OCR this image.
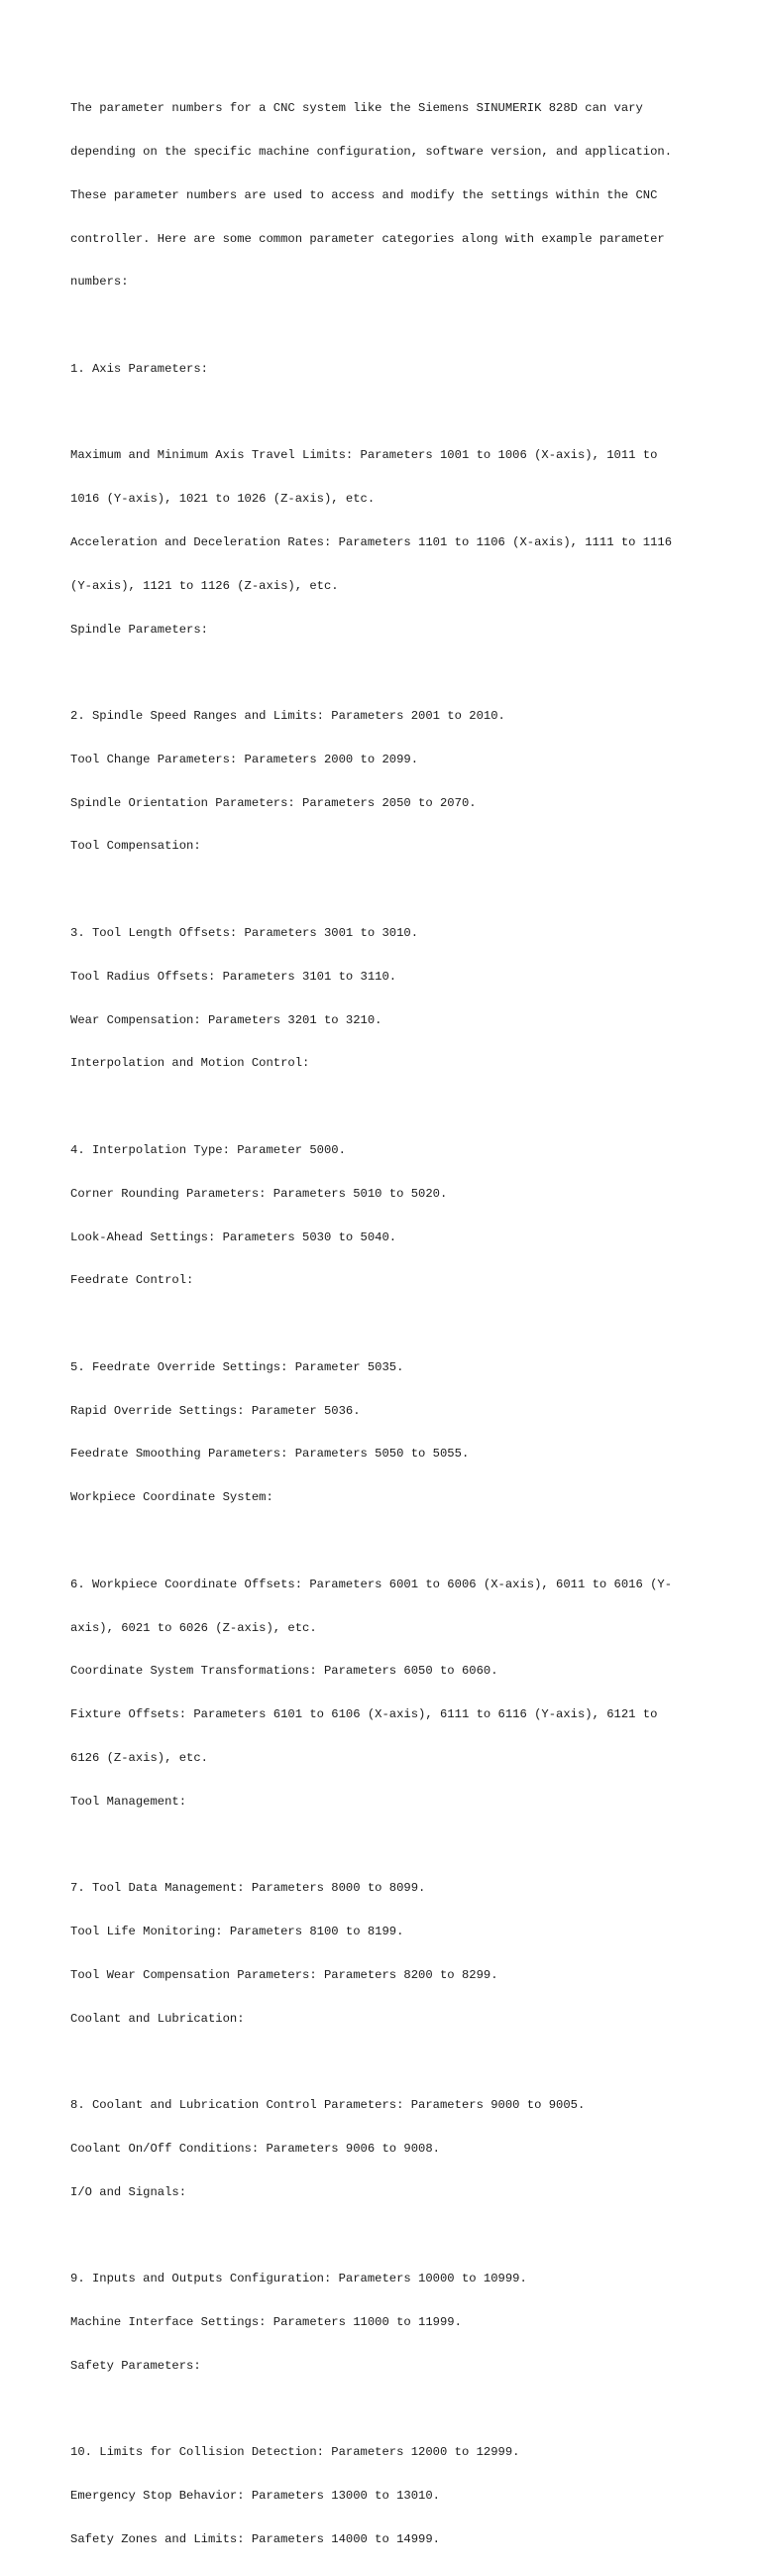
The parameter numbers for a CNC system like the Siemens SINUMERIK 828D can vary

depending on the specific machine configuration, software version, and application.

These parameter numbers are used to access and modify the settings within the CNC

controller. Here are some common parameter categories along with example parameter

numbers:

1. Axis Parameters:

Maximum and Minimum Axis Travel Limits: Parameters 1001 to 1006 (X-axis), 1011 to

1016 (Y-axis), 1021 to 1026 (Z-axis), etc.

Acceleration and Deceleration Rates: Parameters 1101 to 1106 (X-axis), 1111 to 1116

(Y-axis), 1121 to 1126 (Z-axis), etc.

Spindle Parameters:

2. Spindle Speed Ranges and Limits: Parameters 2001 to 2010.

Tool Change Parameters: Parameters 2000 to 2099.

Spindle Orientation Parameters: Parameters 2050 to 2070.

Tool Compensation:

3. Tool Length Offsets: Parameters 3001 to 3010.

Tool Radius Offsets: Parameters 3101 to 3110.

Wear Compensation: Parameters 3201 to 3210.

Interpolation and Motion Control:

4. Interpolation Type: Parameter 5000.

Corner Rounding Parameters: Parameters 5010 to 5020.

Look-Ahead Settings: Parameters 5030 to 5040.

Feedrate Control:

5. Feedrate Override Settings: Parameter 5035.

Rapid Override Settings: Parameter 5036.

Feedrate Smoothing Parameters: Parameters 5050 to 5055.

Workpiece Coordinate System:

6. Workpiece Coordinate Offsets: Parameters 6001 to 6006 (X-axis), 6011 to 6016 (Y-

axis), 6021 to 6026 (Z-axis), etc.

Coordinate System Transformations: Parameters 6050 to 6060.

Fixture Offsets: Parameters 6101 to 6106 (X-axis), 6111 to 6116 (Y-axis), 6121 to

6126 (Z-axis), etc.

Tool Management:

7. Tool Data Management: Parameters 8000 to 8099.

Tool Life Monitoring: Parameters 8100 to 8199.

Tool Wear Compensation Parameters: Parameters 8200 to 8299.

Coolant and Lubrication:

8. Coolant and Lubrication Control Parameters: Parameters 9000 to 9005.

Coolant On/Off Conditions: Parameters 9006 to 9008.

I/O and Signals:

9. Inputs and Outputs Configuration: Parameters 10000 to 10999.

Machine Interface Settings: Parameters 11000 to 11999.

Safety Parameters:

10. Limits for Collision Detection: Parameters 12000 to 12999.

Emergency Stop Behavior: Parameters 13000 to 13010.

Safety Zones and Limits: Parameters 14000 to 14999.
